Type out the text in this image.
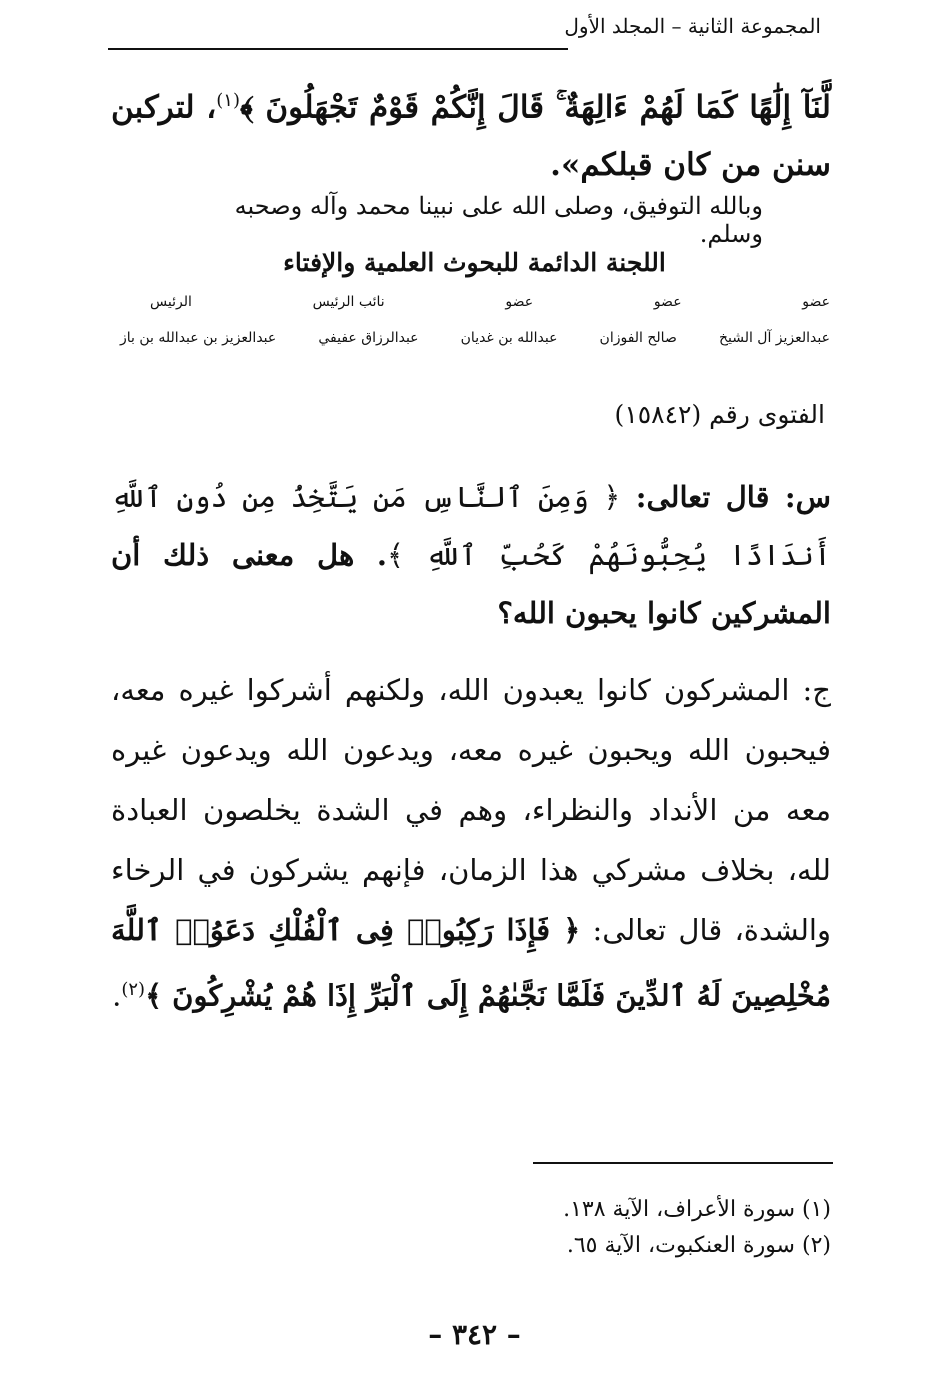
المجموعة الثانية – المجلد الأول
لَّنَآ إِلَٰهًا كَمَا لَهُمْ ءَالِهَةٌ ۚ قَالَ إِنَّكُمْ قَوْمٌ تَجْهَلُونَ ﴾$^{(١)}$، لتركبن سنن من كان قبلكم».
وبالله التوفيق، وصلى الله على نبينا محمد وآله وصحبه وسلم.
اللجنة الدائمة للبحوث العلمية والإفتاء
عضو
عضو
عضو
نائب الرئيس
الرئيس
عبدالعزيز آل الشيخ
صالح الفوزان
عبدالله بن غديان
عبدالرزاق عفيفي
عبدالعزيز بن عبدالله بن باز
الفتوى رقم (١٥٨٤٢)
س: قال تعالى: ﴿ وَمِنَ ٱلنَّاسِ مَن يَتَّخِذُ مِن دُونِ ٱللَّهِ أَندَادًا يُحِبُّونَهُمْ كَحُبِّ ٱللَّهِ ﴾. هل معنى ذلك أن المشركين كانوا يحبون الله؟
ج: المشركون كانوا يعبدون الله، ولكنهم أشركوا غيره معه، فيحبون الله ويحبون غيره معه، ويدعون الله ويدعون غيره معه من الأنداد والنظراء، وهم في الشدة يخلصون العبادة لله، بخلاف مشركي هذا الزمان، فإنهم يشركون في الرخاء والشدة، قال تعالى: ﴿ فَإِذَا رَكِبُوا۟ فِى ٱلْفُلْكِ دَعَوُا۟ ٱللَّهَ مُخْلِصِينَ لَهُ ٱلدِّينَ فَلَمَّا نَجَّىٰهُمْ إِلَى ٱلْبَرِّ إِذَا هُمْ يُشْرِكُونَ ﴾$^{(٢)}$.
(١) سورة الأعراف، الآية ١٣٨.
(٢) سورة العنكبوت، الآية ٦٥.
– ٣٤٢ –
